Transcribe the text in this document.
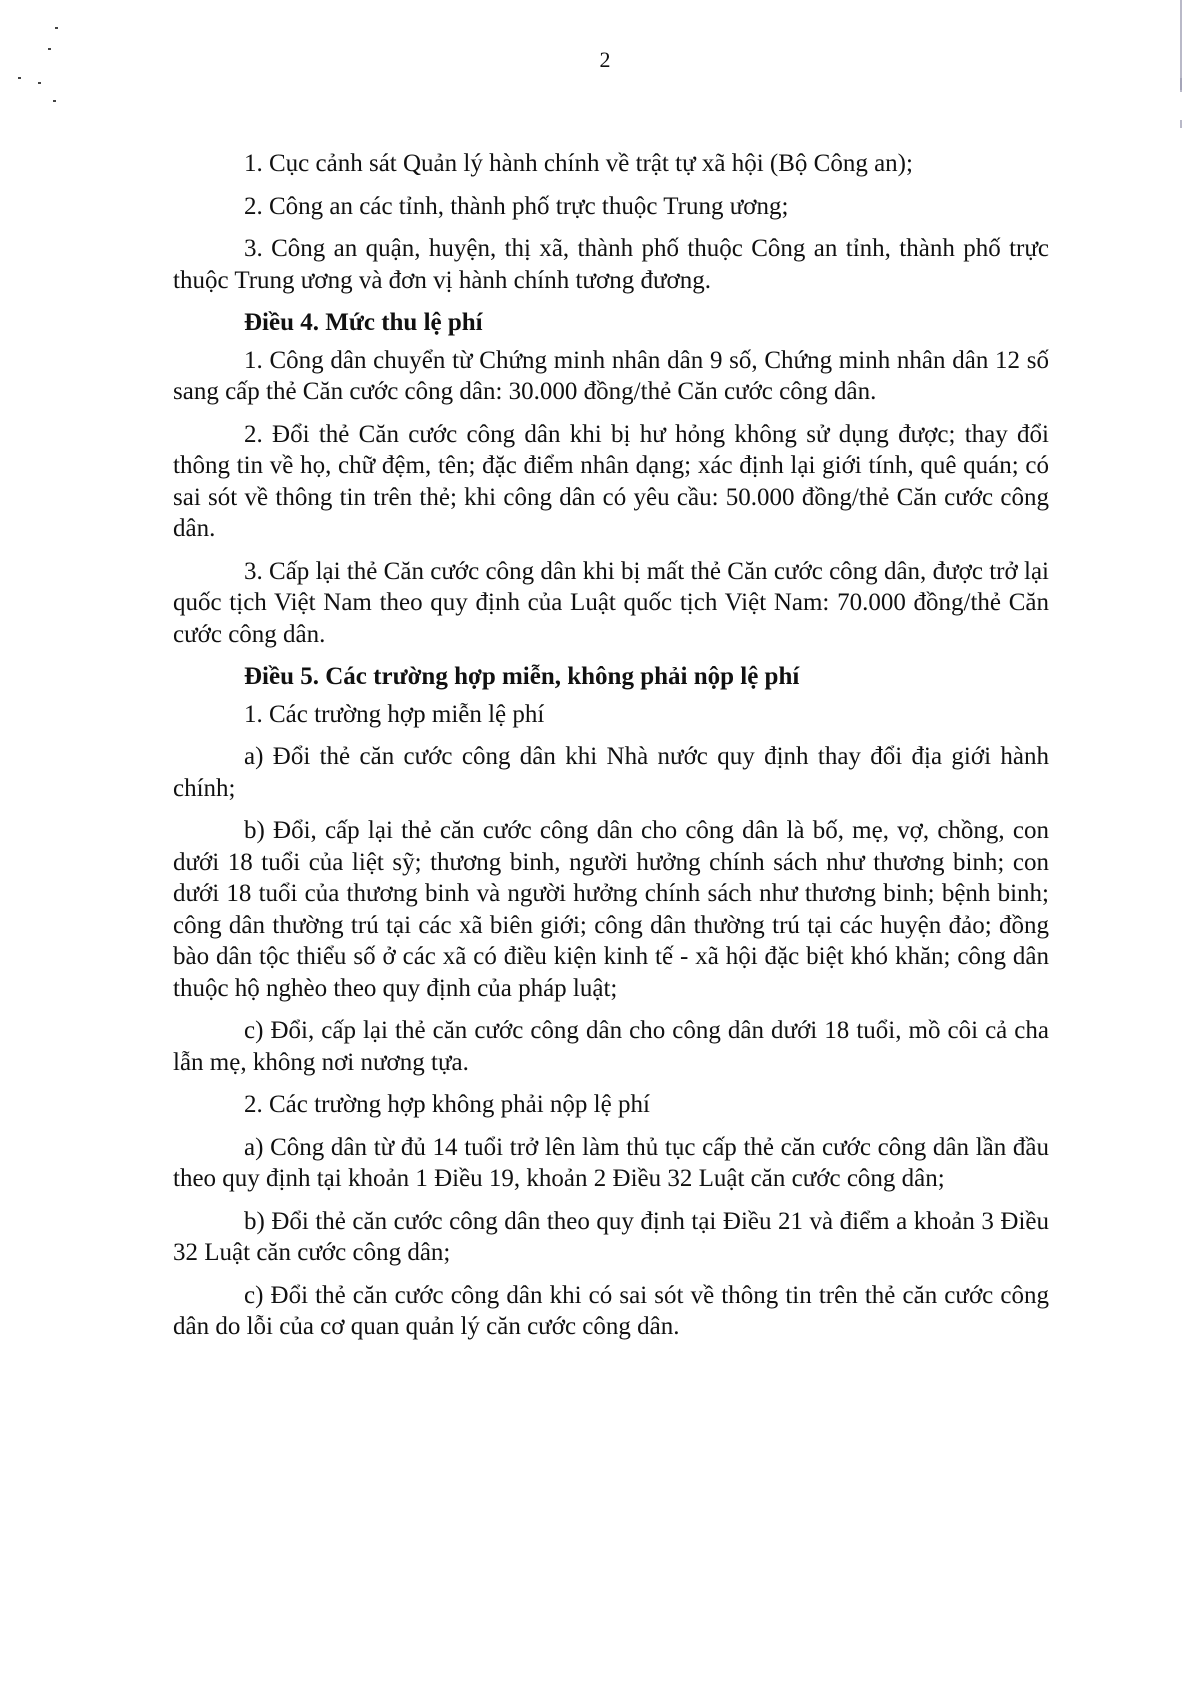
2

1. Cục cảnh sát Quản lý hành chính về trật tự xã hội (Bộ Công an);

2. Công an các tỉnh, thành phố trực thuộc Trung ương;

3. Công an quận, huyện, thị xã, thành phố thuộc Công an tỉnh, thành phố trực thuộc Trung ương và đơn vị hành chính tương đương.

Điều 4. Mức thu lệ phí

1. Công dân chuyển từ Chứng minh nhân dân 9 số, Chứng minh nhân dân 12 số sang cấp thẻ Căn cước công dân: 30.000 đồng/thẻ Căn cước công dân.

2. Đổi thẻ Căn cước công dân khi bị hư hỏng không sử dụng được; thay đổi thông tin về họ, chữ đệm, tên; đặc điểm nhân dạng; xác định lại giới tính, quê quán; có sai sót về thông tin trên thẻ; khi công dân có yêu cầu: 50.000 đồng/thẻ Căn cước công dân.

3. Cấp lại thẻ Căn cước công dân khi bị mất thẻ Căn cước công dân, được trở lại quốc tịch Việt Nam theo quy định của Luật quốc tịch Việt Nam: 70.000 đồng/thẻ Căn cước công dân.

Điều 5. Các trường hợp miễn, không phải nộp lệ phí

1. Các trường hợp miễn lệ phí

a) Đổi thẻ căn cước công dân khi Nhà nước quy định thay đổi địa giới hành chính;

b) Đổi, cấp lại thẻ căn cước công dân cho công dân là bố, mẹ, vợ, chồng, con dưới 18 tuổi của liệt sỹ; thương binh, người hưởng chính sách như thương binh; con dưới 18 tuổi của thương binh và người hưởng chính sách như thương binh; bệnh binh; công dân thường trú tại các xã biên giới; công dân thường trú tại các huyện đảo; đồng bào dân tộc thiểu số ở các xã có điều kiện kinh tế - xã hội đặc biệt khó khăn; công dân thuộc hộ nghèo theo quy định của pháp luật;

c) Đổi, cấp lại thẻ căn cước công dân cho công dân dưới 18 tuổi, mồ côi cả cha lẫn mẹ, không nơi nương tựa.

2. Các trường hợp không phải nộp lệ phí

a) Công dân từ đủ 14 tuổi trở lên làm thủ tục cấp thẻ căn cước công dân lần đầu theo quy định tại khoản 1 Điều 19, khoản 2 Điều 32 Luật căn cước công dân;

b) Đổi thẻ căn cước công dân theo quy định tại Điều 21 và điểm a khoản 3 Điều 32 Luật căn cước công dân;

c) Đổi thẻ căn cước công dân khi có sai sót về thông tin trên thẻ căn cước công dân do lỗi của cơ quan quản lý căn cước công dân.
